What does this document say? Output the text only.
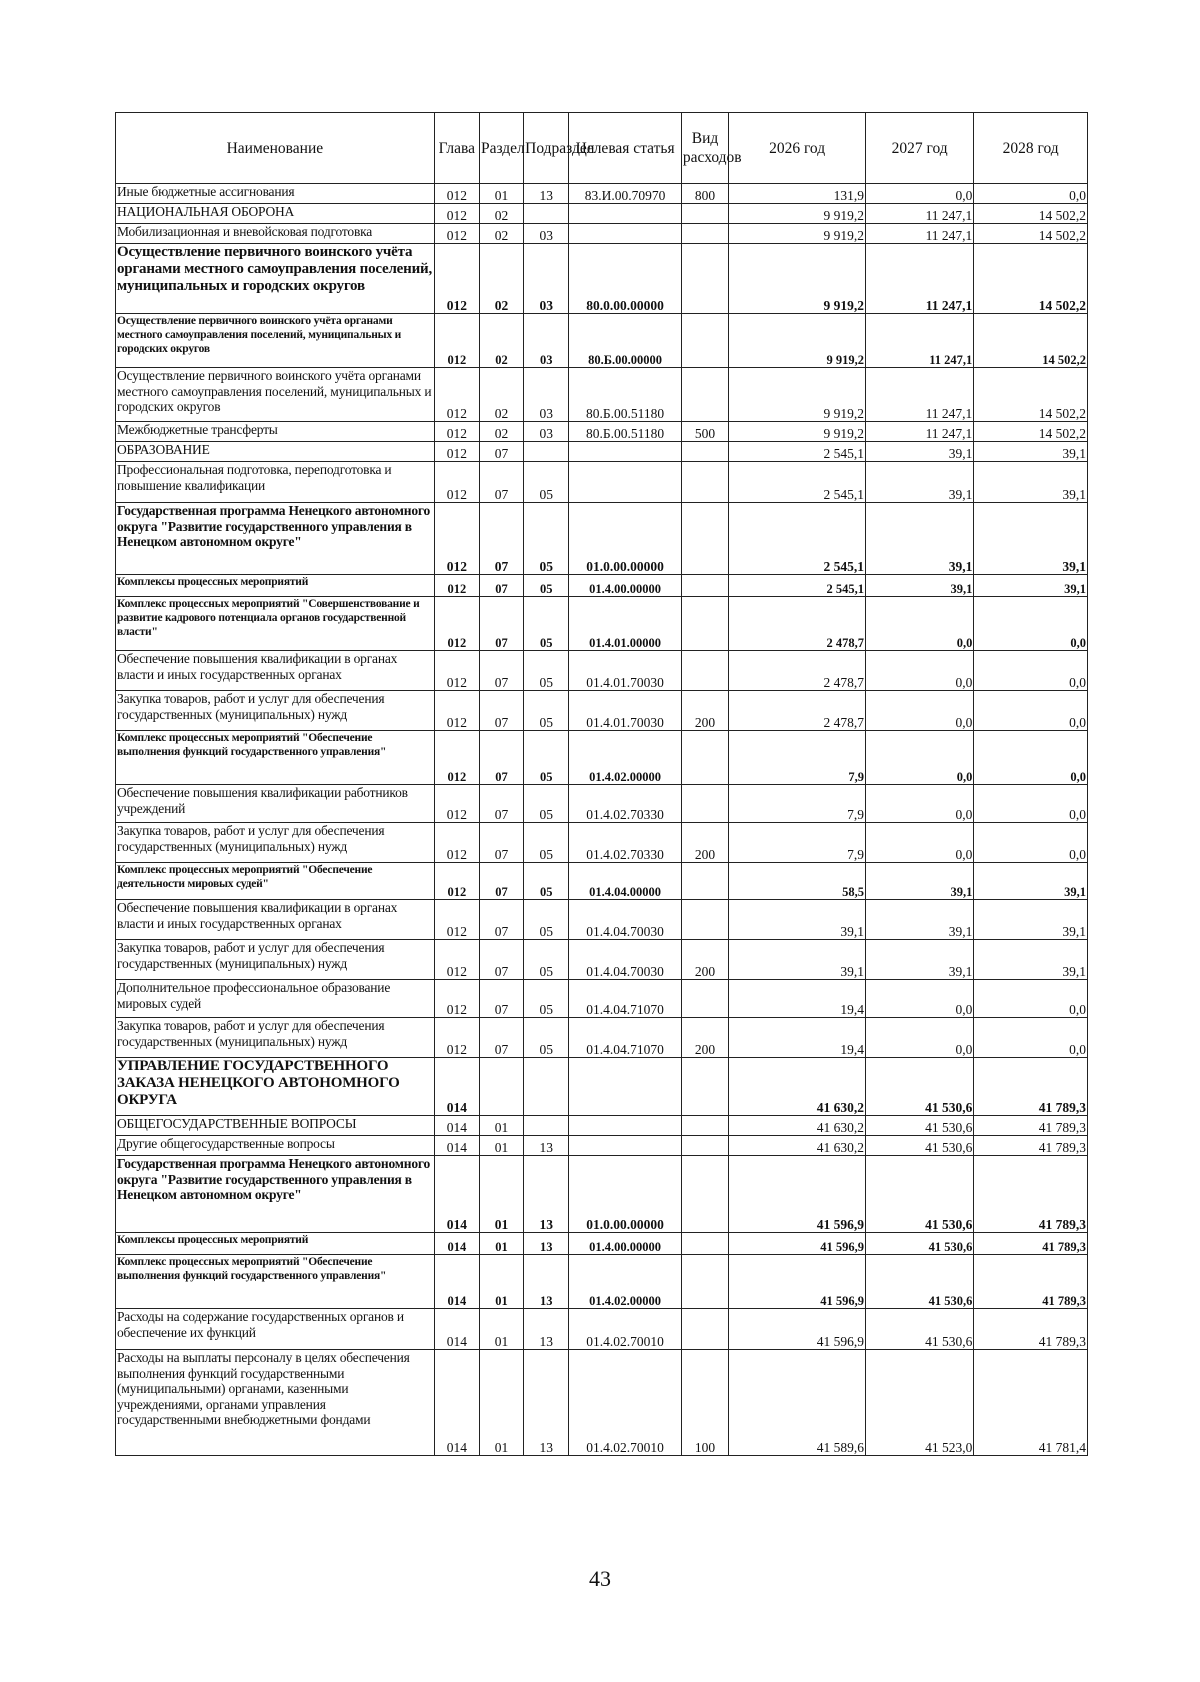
Наименование	Глава	Раздел	Подраздел	Целевая статья	Вид расходов	2026 год	2027 год	2028 год
Иные бюджетные ассигнования	012	01	13	83.И.00.70970	800	131,9	0,0	0,0
НАЦИОНАЛЬНАЯ ОБОРОНА	012	02				9 919,2	11 247,1	14 502,2
Мобилизационная и вневойсковая подготовка	012	02	03			9 919,2	11 247,1	14 502,2
Осуществление первичного воинского учёта органами местного самоуправления поселений, муниципальных и городских округов	012	02	03	80.0.00.00000		9 919,2	11 247,1	14 502,2
Осуществление первичного воинского учёта органами местного самоуправления поселений, муниципальных и городских округов	012	02	03	80.Б.00.00000		9 919,2	11 247,1	14 502,2
Осуществление первичного воинского учёта органами местного самоуправления поселений, муниципальных и городских округов	012	02	03	80.Б.00.51180		9 919,2	11 247,1	14 502,2
Межбюджетные трансферты	012	02	03	80.Б.00.51180	500	9 919,2	11 247,1	14 502,2
ОБРАЗОВАНИЕ	012	07				2 545,1	39,1	39,1
Профессиональная подготовка, переподготовка и повышение квалификации	012	07	05			2 545,1	39,1	39,1
Государственная программа Ненецкого автономного округа "Развитие государственного управления в Ненецком автономном округе"	012	07	05	01.0.00.00000		2 545,1	39,1	39,1
Комплексы процессных мероприятий	012	07	05	01.4.00.00000		2 545,1	39,1	39,1
Комплекс процессных мероприятий "Совершенствование и развитие кадрового потенциала органов государственной власти"	012	07	05	01.4.01.00000		2 478,7	0,0	0,0
Обеспечение повышения квалификации в органах власти и иных государственных органах	012	07	05	01.4.01.70030		2 478,7	0,0	0,0
Закупка товаров, работ и услуг для обеспечения государственных (муниципальных) нужд	012	07	05	01.4.01.70030	200	2 478,7	0,0	0,0
Комплекс процессных мероприятий "Обеспечение выполнения функций государственного управления"	012	07	05	01.4.02.00000		7,9	0,0	0,0
Обеспечение повышения квалификации работников учреждений	012	07	05	01.4.02.70330		7,9	0,0	0,0
Закупка товаров, работ и услуг для обеспечения государственных (муниципальных) нужд	012	07	05	01.4.02.70330	200	7,9	0,0	0,0
Комплекс процессных мероприятий "Обеспечение деятельности мировых судей"	012	07	05	01.4.04.00000		58,5	39,1	39,1
Обеспечение повышения квалификации в органах власти и иных государственных органах	012	07	05	01.4.04.70030		39,1	39,1	39,1
Закупка товаров, работ и услуг для обеспечения государственных (муниципальных) нужд	012	07	05	01.4.04.70030	200	39,1	39,1	39,1
Дополнительное профессиональное образование мировых судей	012	07	05	01.4.04.71070		19,4	0,0	0,0
Закупка товаров, работ и услуг для обеспечения государственных (муниципальных) нужд	012	07	05	01.4.04.71070	200	19,4	0,0	0,0
УПРАВЛЕНИЕ ГОСУДАРСТВЕННОГО ЗАКАЗА НЕНЕЦКОГО АВТОНОМНОГО ОКРУГА	014					41 630,2	41 530,6	41 789,3
ОБЩЕГОСУДАРСТВЕННЫЕ ВОПРОСЫ	014	01				41 630,2	41 530,6	41 789,3
Другие общегосударственные вопросы	014	01	13			41 630,2	41 530,6	41 789,3
Государственная программа Ненецкого автономного округа "Развитие государственного управления в Ненецком автономном округе"	014	01	13	01.0.00.00000		41 596,9	41 530,6	41 789,3
Комплексы процессных мероприятий	014	01	13	01.4.00.00000		41 596,9	41 530,6	41 789,3
Комплекс процессных мероприятий "Обеспечение выполнения функций государственного управления"	014	01	13	01.4.02.00000		41 596,9	41 530,6	41 789,3
Расходы на содержание государственных органов и обеспечение их функций	014	01	13	01.4.02.70010		41 596,9	41 530,6	41 789,3
Расходы на выплаты персоналу в целях обеспечения выполнения функций государственными (муниципальными) органами, казенными учреждениями, органами управления государственными внебюджетными фондами	014	01	13	01.4.02.70010	100	41 589,6	41 523,0	41 781,4
43
